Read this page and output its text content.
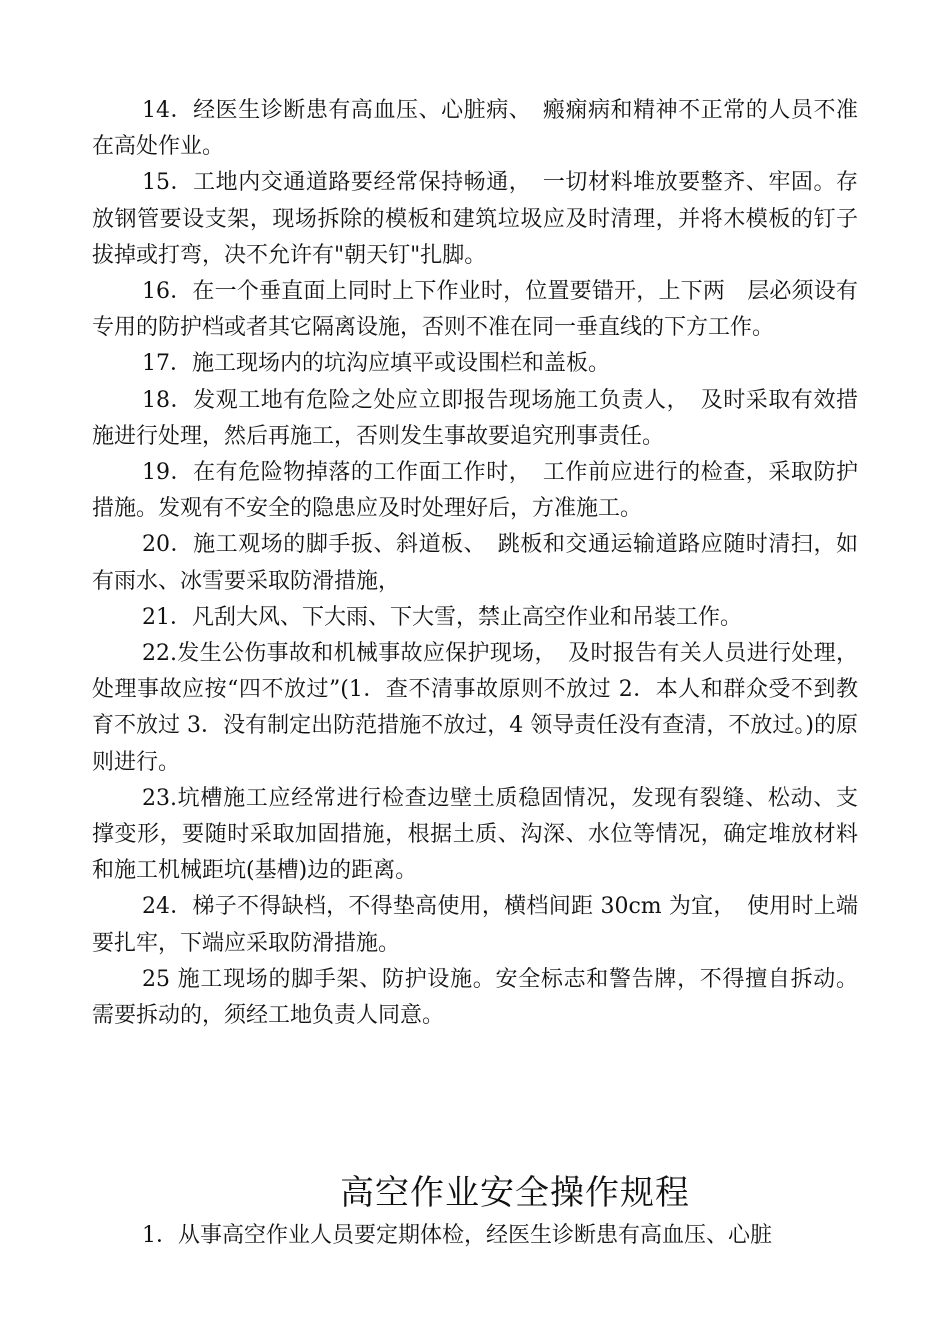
14．经医生诊断患有高血压、心脏病、　瘢痫病和精神不正常的人员不准在高处作业。

15．工地内交通道路要经常保持畅通，　一切材料堆放要整齐、牢固。存放钢管要设支架，现场拆除的模板和建筑垃圾应及时清理，并将木模板的钉子拔掉或打弯，决不允许有"朝天钉"扎脚。

16．在一个垂直面上同时上下作业时，位置要错开，上下两　层必须设有专用的防护档或者其它隔离设施，否则不准在同一垂直线的下方工作。

17．施工现场内的坑沟应填平或设围栏和盖板。

18．发观工地有危险之处应立即报告现场施工负责人，　及时采取有效措施进行处理，然后再施工，否则发生事故要追究刑事责任。

19．在有危险物掉落的工作面工作时，　工作前应进行的检查，采取防护措施。发观有不安全的隐患应及时处理好后，方准施工。

20．施工观场的脚手扳、斜道板、　跳板和交通运输道路应随时清扫，如有雨水、冰雪要采取防滑措施，

21．凡刮大风、下大雨、下大雪，禁止高空作业和吊装工作。

22.发生公伤事故和机械事故应保护现场，　及时报告有关人员进行处理，处理事故应按“四不放过”(1．查不清事故原则不放过 2．本人和群众受不到教育不放过 3．没有制定出防范措施不放过，4 领导责任没有查清，不放过。)的原则进行。

23.坑槽施工应经常进行检查边壁土质稳固情况，发现有裂缝、松动、支撑变形，要随时采取加固措施，根据土质、沟深、水位等情况，确定堆放材料和施工机械距坑(基槽)边的距离。

24．梯子不得缺档，不得垫高使用，横档间距 30cm 为宜，　使用时上端要扎牢，下端应采取防滑措施。

25 施工现场的脚手架、防护设施。安全标志和警告牌，不得擅自拆动。需要拆动的，须经工地负责人同意。

高空作业安全操作规程

1．从事高空作业人员要定期体检，经医生诊断患有高血压、心脏
